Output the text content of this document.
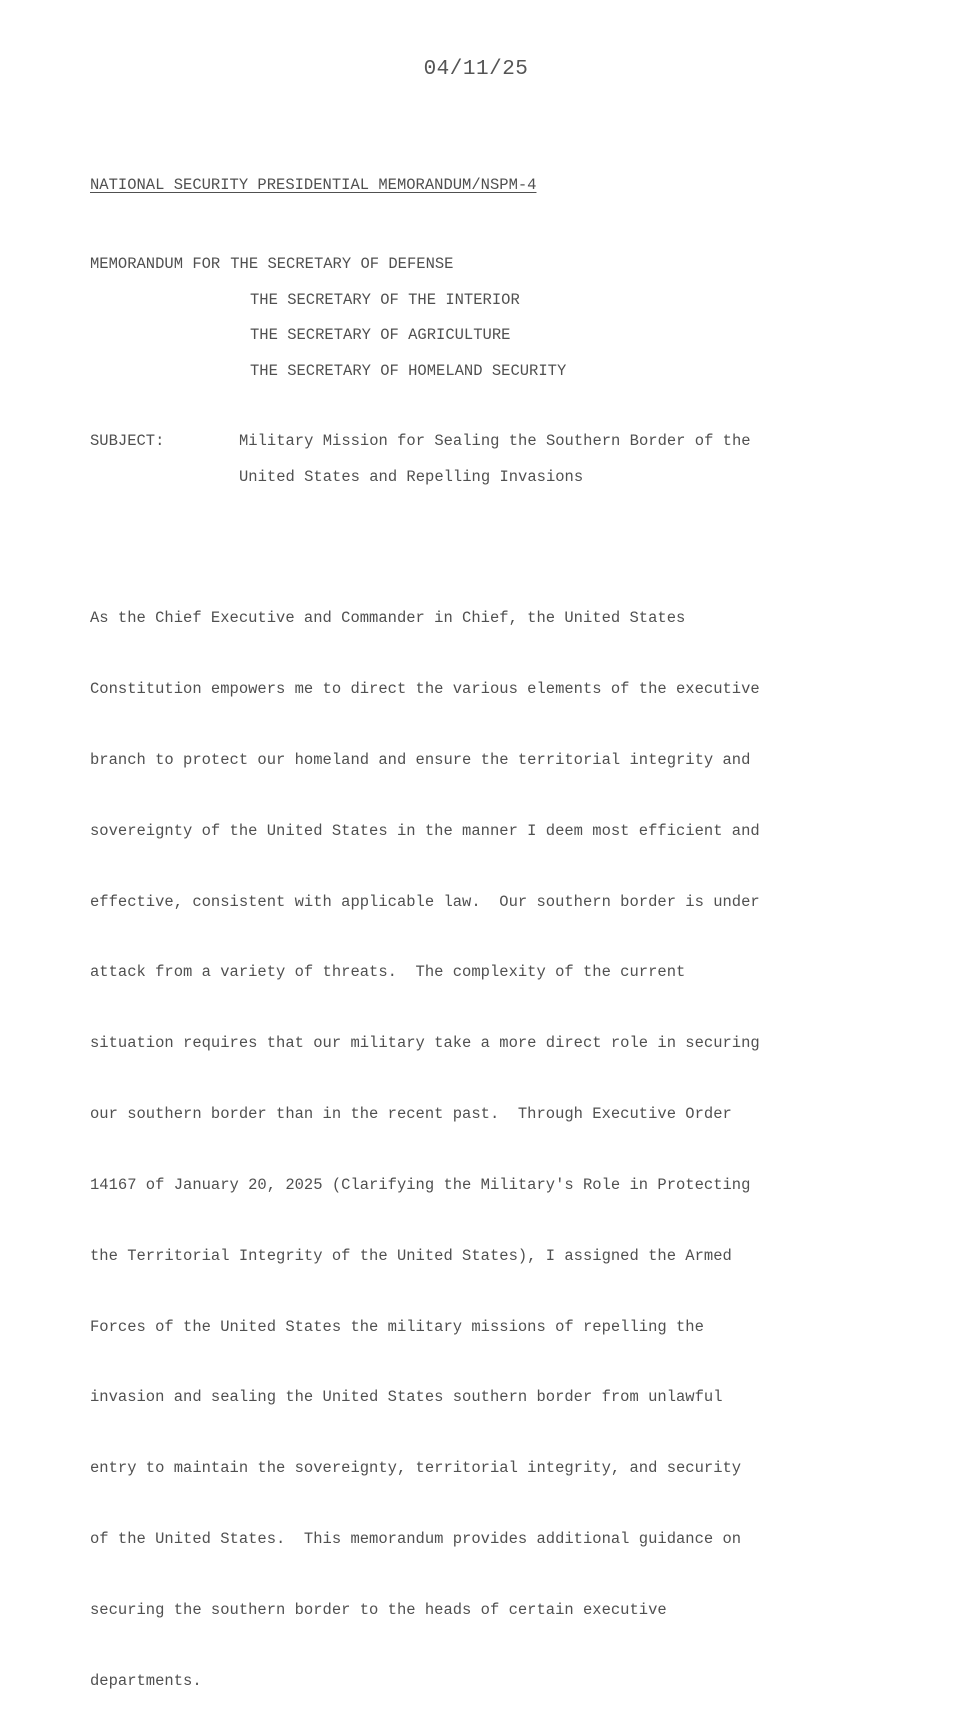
04/11/25
NATIONAL SECURITY PRESIDENTIAL MEMORANDUM/NSPM-4
MEMORANDUM FOR THE SECRETARY OF DEFENSE
THE SECRETARY OF THE INTERIOR
THE SECRETARY OF AGRICULTURE
THE SECRETARY OF HOMELAND SECURITY
SUBJECT:	Military Mission for Sealing the Southern Border of the
United States and Repelling Invasions

As the Chief Executive and Commander in Chief, the United States

Constitution empowers me to direct the various elements of the executive

branch to protect our homeland and ensure the territorial integrity and

sovereignty of the United States in the manner I deem most efficient and

effective, consistent with applicable law.  Our southern border is under

attack from a variety of threats.  The complexity of the current

situation requires that our military take a more direct role in securing

our southern border than in the recent past.  Through Executive Order

14167 of January 20, 2025 (Clarifying the Military's Role in Protecting

the Territorial Integrity of the United States), I assigned the Armed

Forces of the United States the military missions of repelling the

invasion and sealing the United States southern border from unlawful

entry to maintain the sovereignty, territorial integrity, and security

of the United States.  This memorandum provides additional guidance on

securing the southern border to the heads of certain executive

departments.
